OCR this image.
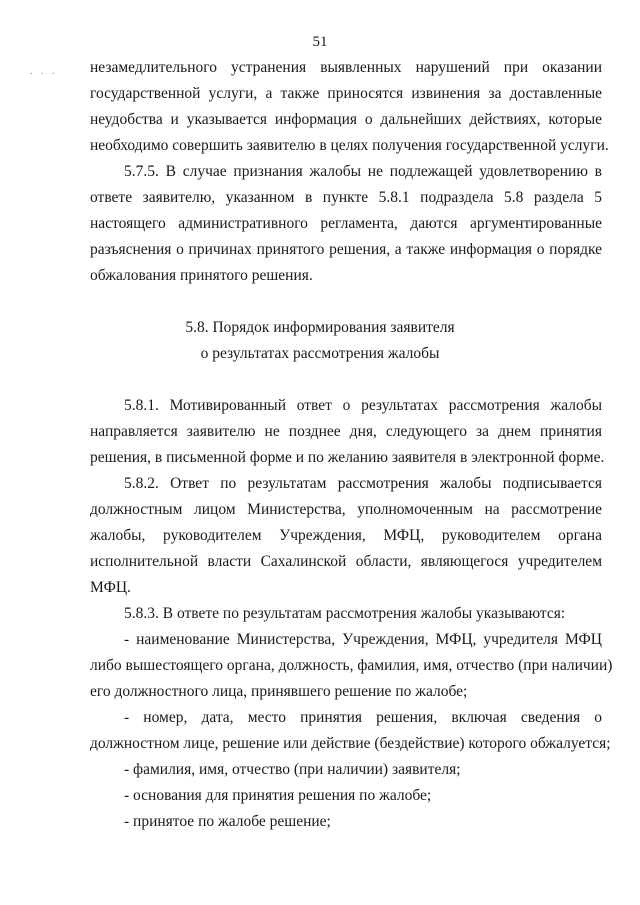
51
. . . незамедлительного устранения выявленных нарушений при оказании
государственной услуги, а также приносятся извинения за доставленные
неудобства и указывается информация о дальнейших действиях, которые
необходимо совершить заявителю в целях получения государственной услуги.
5.7.5. В случае признания жалобы не подлежащей удовлетворению в
ответе заявителю, указанном в пункте 5.8.1 подраздела 5.8 раздела 5
настоящего административного регламента, даются аргументированные
разъяснения о причинах принятого решения, а также информация о порядке
обжалования принятого решения.
5.8. Порядок информирования заявителя
о результатах рассмотрения жалобы
5.8.1. Мотивированный ответ о результатах рассмотрения жалобы
направляется заявителю не позднее дня, следующего за днем принятия
решения, в письменной форме и по желанию заявителя в электронной форме.
5.8.2. Ответ по результатам рассмотрения жалобы подписывается
должностным лицом Министерства, уполномоченным на рассмотрение
жалобы, руководителем Учреждения, МФЦ, руководителем органа
исполнительной власти Сахалинской области, являющегося учредителем
МФЦ.
5.8.3. В ответе по результатам рассмотрения жалобы указываются:
- наименование Министерства, Учреждения, МФЦ, учредителя МФЦ
либо вышестоящего органа, должность, фамилия, имя, отчество (при наличии)
его должностного лица, принявшего решение по жалобе;
- номер, дата, место принятия решения, включая сведения о
должностном лице, решение или действие (бездействие) которого обжалуется;
- фамилия, имя, отчество (при наличии) заявителя;
- основания для принятия решения по жалобе;
- принятое по жалобе решение;
